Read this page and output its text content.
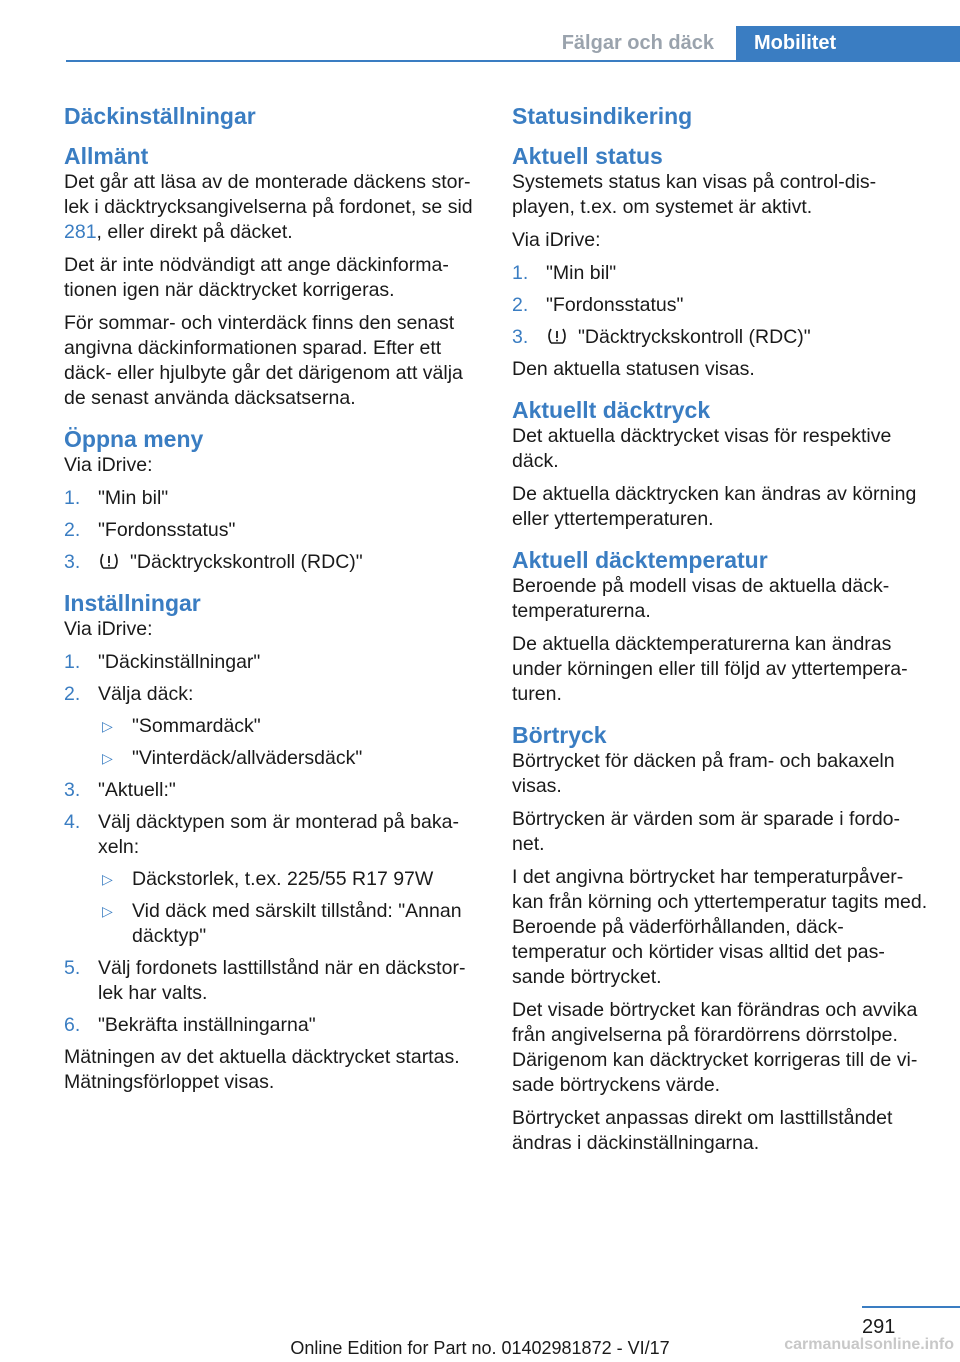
Fälgar och däck	Mobilitet
Däckinställningar
Allmänt

Det går att läsa av de monterade däckens stor-lek i däcktrycksangivelserna på fordonet, se sid 281, eller direkt på däcket.

Det är inte nödvändigt att ange däckinforma-tionen igen när däcktrycket korrigeras.

För sommar- och vinterdäck finns den senast angivna däckinformationen sparad. Efter ett däck- eller hjulbyte går det därigenom att välja de senast använda däcksatserna.

Öppna meny

Via iDrive:

1. "Min bil"
2. "Fordonsstatus"
3.	"Däcktryckskontroll (RDC)"
Inställningar

Via iDrive:

1. "Däckinställningar"
2. Välja däck:
▷ "Sommardäck"
▷ "Vinterdäck/allvädersdäck"
3. "Aktuell:"
4. Välj däcktypen som är monterad på baka-xeln:
▷ Däckstorlek, t.ex. 225/55 R17 97W
▷ Vid däck med särskilt tillstånd: "Annan däcktyp"
5. Välj fordonets lasttillstånd när en däckstor-lek har valts.
6. "Bekräfta inställningarna"

Mätningen av det aktuella däcktrycket startas. Mätningsförloppet visas.

Statusindikering
Aktuell status

Systemets status kan visas på control-dis-playen, t.ex. om systemet är aktivt.

Via iDrive:

1. "Min bil"
2. "Fordonsstatus"
3.	"Däcktryckskontroll (RDC)"

Den aktuella statusen visas.

Aktuellt däcktryck

Det aktuella däcktrycket visas för respektive däck.

De aktuella däcktrycken kan ändras av körning eller yttertemperaturen.

Aktuell däcktemperatur

Beroende på modell visas de aktuella däck-temperaturerna.

De aktuella däcktemperaturerna kan ändras under körningen eller till följd av yttertempera-turen.

Börtryck

Börtrycket för däcken på fram- och bakaxeln visas.

Börtrycken är värden som är sparade i fordo-net.

I det angivna börtrycket har temperaturpåver-kan från körning och yttertemperatur tagits med. Beroende på väderförhållanden, däck-temperatur och körtider visas alltid det pas-sande börtrycket.

Det visade börtrycket kan förändras och avvika från angivelserna på förardörrens dörrstolpe. Därigenom kan däcktrycket korrigeras till de vi-sade börtryckens värde.

Börtrycket anpassas direkt om lasttillståndet ändras i däckinställningarna.

291
Online Edition for Part no. 01402981872 - VI/17	carmanualsonline.info
